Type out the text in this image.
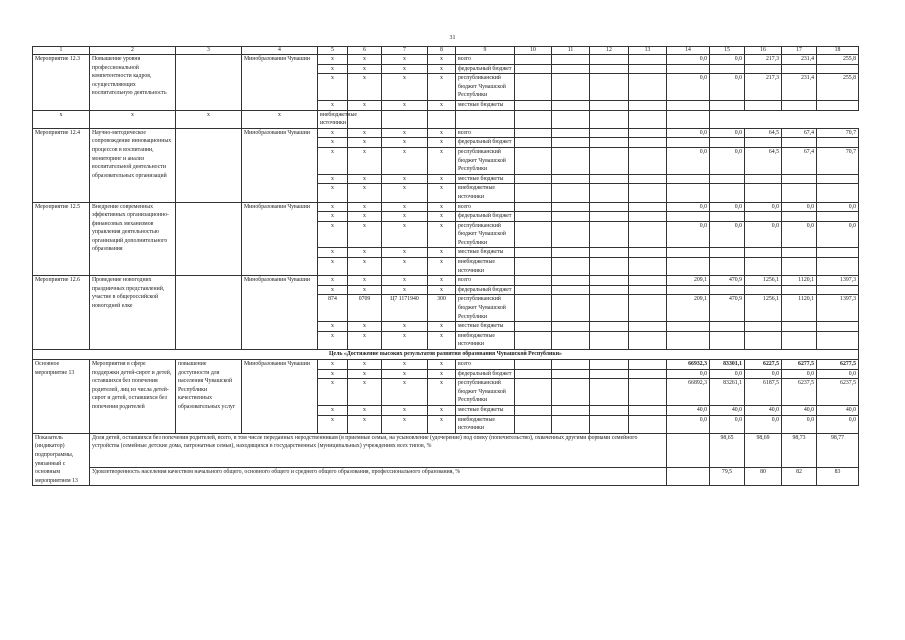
31
1	2	3	4	5	6	7	8	9	10	11	12	13	14	15	16	17	18	
Мероприятие 12.3	Повышение уровня профессиональной компетентности кадров, осуществляющих воспитательную деятельность		Минобразования Чувашии	х	х	х	х	всего					0,0	0,0	217,3	231,4	255,8	
				х	х	х	х	федеральный бюджет										
				х	х	х	х	республиканский бюджет Чувашской Республики					0,0	0,0	217,3	231,4	255,8	
				х	х	х	х	местные бюджеты										
х	х	х	х	внебюджетные источники														
Мероприятие 12.4	Научно-методическое сопровождение инновационных процессов в воспитании, мониторинг и анализ воспитательной деятельности образовательных организаций		Минобразования Чувашии	х	х	х	х	всего					0,0	0,0	64,5	67,4	70,7	
				х	х	х	х	федеральный бюджет										
				х	х	х	х	республиканский бюджет Чувашской Республики					0,0	0,0	64,5	67,4	70,7	
				х	х	х	х	местные бюджеты										
				х	х	х	х	внебюджетные источники										
Мероприятие 12.5	Внедрение современных эффективных организационно-финансовых механизмов управления деятельностью организаций дополнительного образования		Минобразования Чувашии	х	х	х	х	всего					0,0	0,0	0,0	0,0	0,0	
				х	х	х	х	федеральный бюджет										
				х	х	х	х	республиканский бюджет Чувашской Республики					0,0	0,0	0,0	0,0	0,0	
				х	х	х	х	местные бюджеты										
				х	х	х	х	внебюджетные источники										
Мероприятие 12.6	Проведение новогодних праздничных представлений, участие в общероссийской новогодней елке		Минобразования Чувашии	х	х	х	х	всего					209,1	470,9	1256,1	1120,1	1397,3	
				х	х	х	х	федеральный бюджет										
				874	0709	Ц7 1171940	300	республиканский бюджет Чувашской Республики					209,1	470,9	1256,1	1120,1	1397,3	
				х	х	х	х	местные бюджеты										
				х	х	х	х	внебюджетные источники										
Цель «Достижение высоких результатов развития образования Чувашской Республики»																		
Основное мероприятие 13	Мероприятия в сфере поддержки детей-сирот и детей, оставшихся без попечения родителей, лиц из числа детей-сирот и детей, оставшихся без попечения родителей	повышение доступности для населения Чувашской Республики качественных образовательных услуг	Минобразования Чувашии	х	х	х	х	всего					66932,3	83301,1	6227,5	6277,5	6277,5	
				х	х	х	х	федеральный бюджет					0,0	0,0	0,0	0,0	0,0	
				х	х	х	х	республиканский бюджет Чувашской Республики					66892,3	83261,1	6187,5	6237,5	6237,5	
				х	х	х	х	местные бюджеты					40,0	40,0	40,0	40,0	40,0	
				х	х	х	х	внебюджетные источники					0,0	0,0	0,0	0,0	0,0	
Показатель (индикатор) подпрограммы, увязанный с основным мероприятием 13	Доля детей, оставшихся без попечения родителей, всего, в том числе переданных неродственникам (в приемные семьи, на усыновление (удочерение) под опеку (попечительство), охваченных другими формами семейного устройства (семейные детские дома, патронатные семьи), находящихся в государственных (муниципальных) учреждениях всех типов, %													98,65	98,69	98,73	98,77	
	Удовлетворенность населения качеством начального общего, основного общего и среднего общего образования, профессионального образования, %													79,5	80	82	83	
